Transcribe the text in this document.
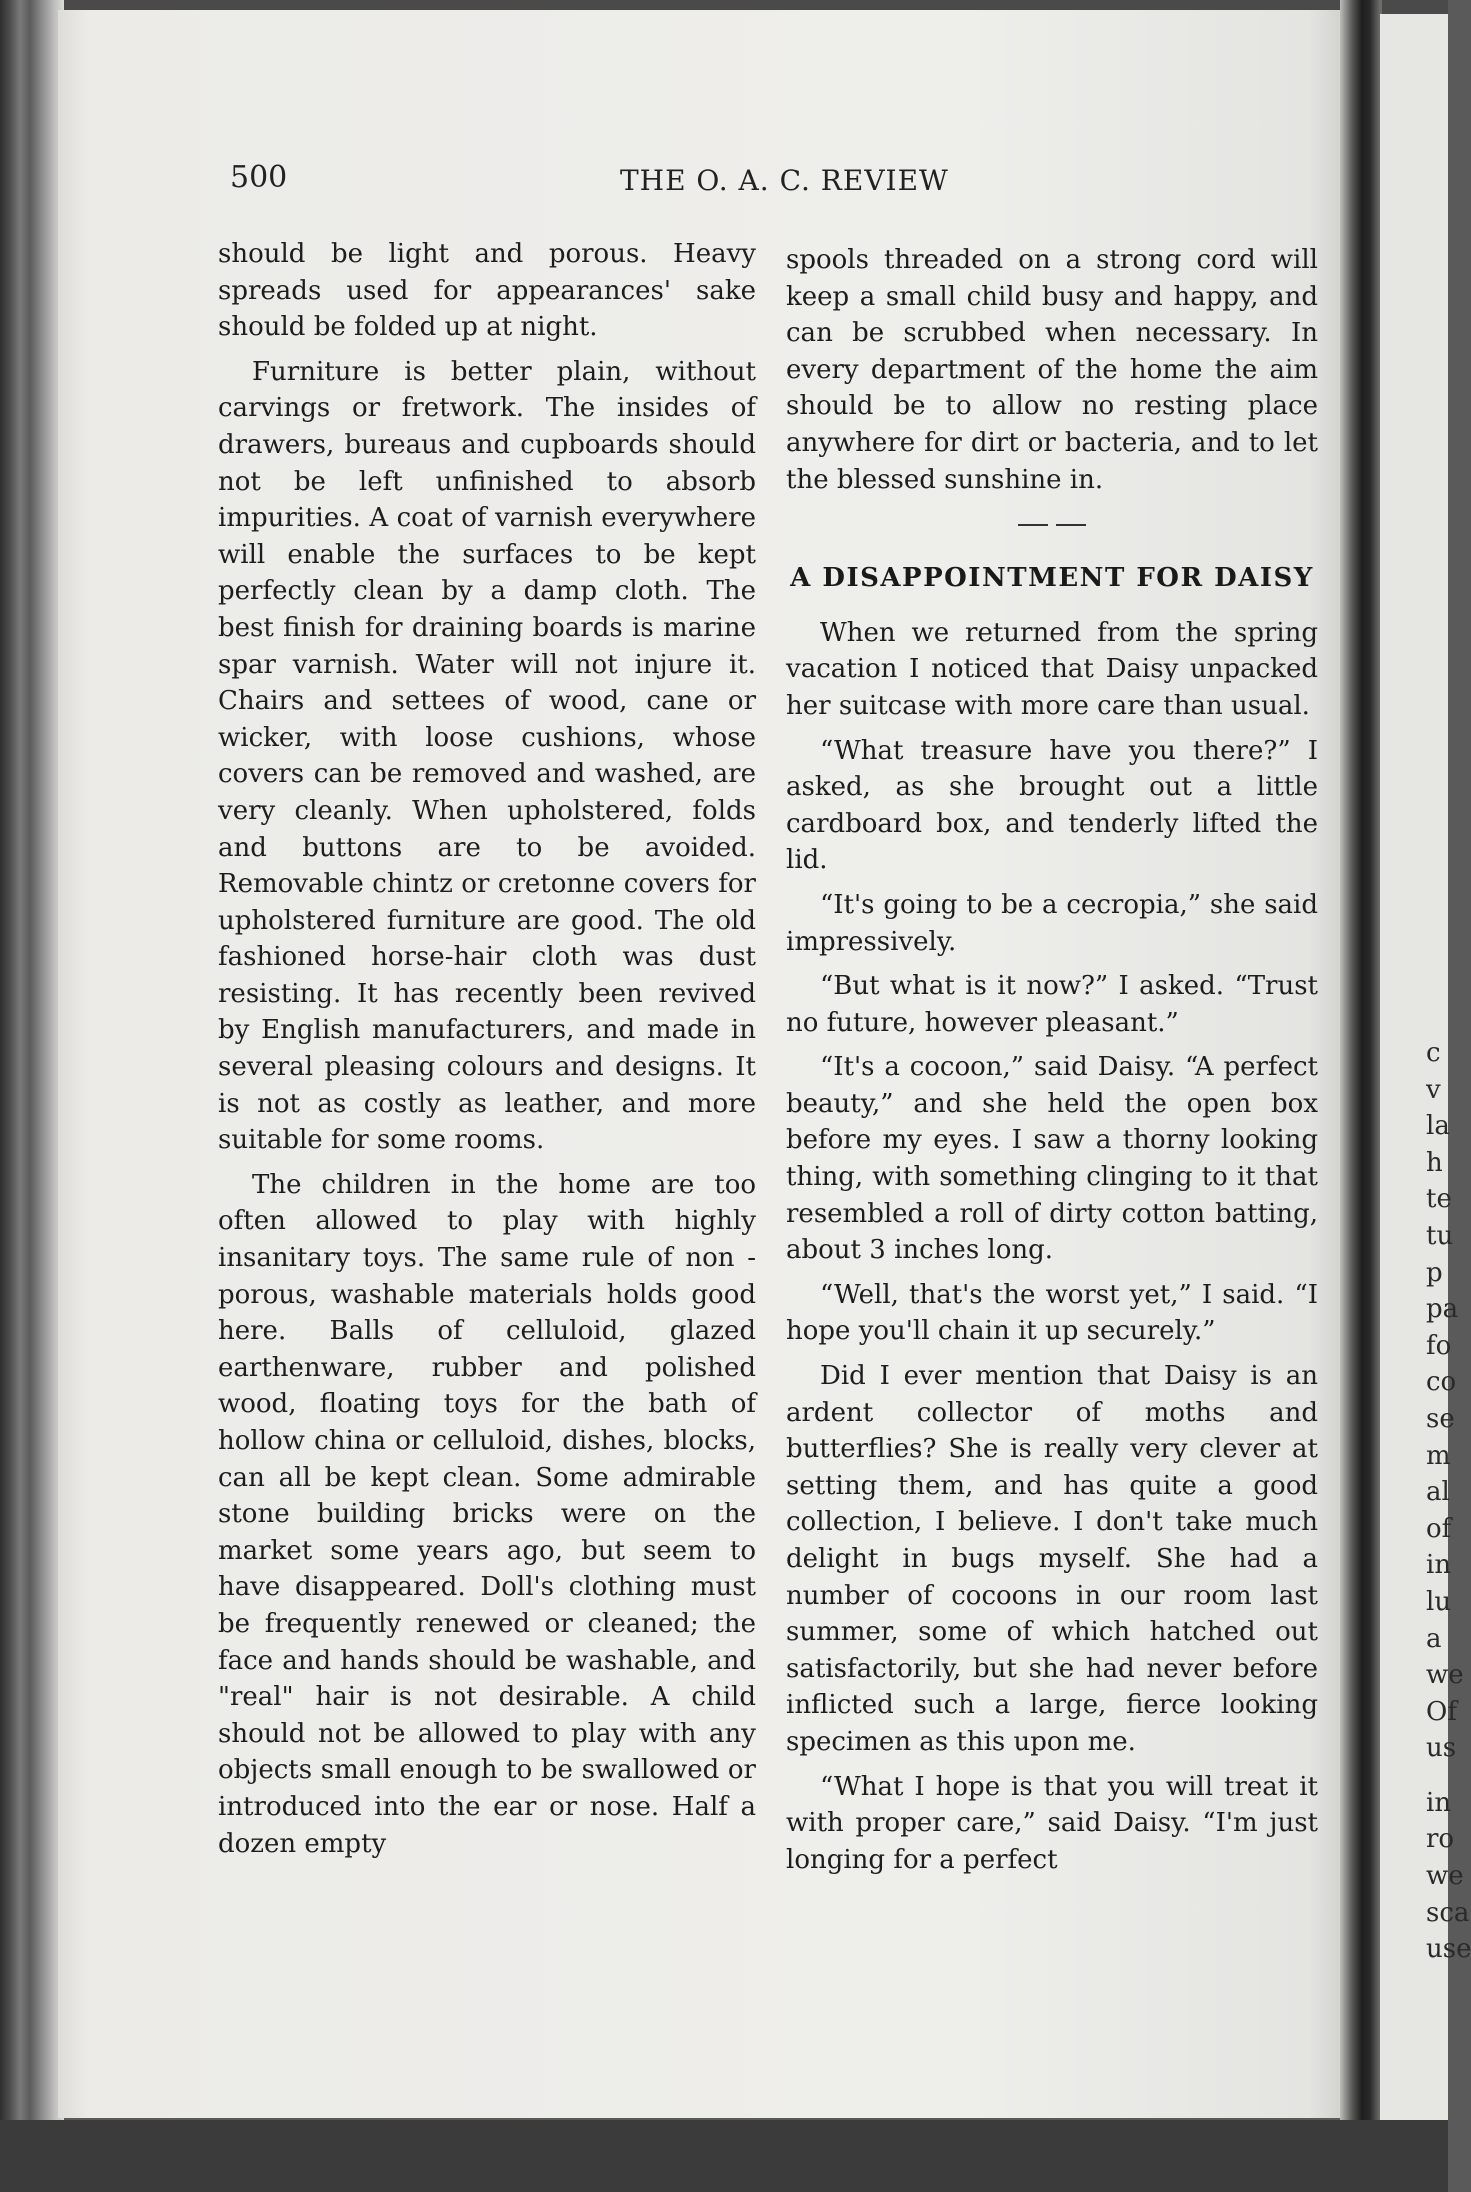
500	THE O. A. C. REVIEW

should be light and porous. Heavy spreads used for appearances' sake should be folded up at night.

Furniture is better plain, without carvings or fretwork. The insides of drawers, bureaus and cupboards should not be left unfinished to absorb impurities. A coat of varnish everywhere will enable the surfaces to be kept perfectly clean by a damp cloth. The best finish for draining boards is marine spar varnish. Water will not injure it. Chairs and settees of wood, cane or wicker, with loose cushions, whose covers can be removed and washed, are very cleanly. When upholstered, folds and buttons are to be avoided. Removable chintz or cretonne covers for upholstered furniture are good. The old fashioned horse-hair cloth was dust resisting. It has recently been revived by English manufacturers, and made in several pleasing colours and designs. It is not as costly as leather, and more suitable for some rooms.

The children in the home are too often allowed to play with highly insanitary toys. The same rule of non - porous, washable materials holds good here. Balls of celluloid, glazed earthenware, rubber and polished wood, floating toys for the bath of hollow china or celluloid, dishes, blocks, can all be kept clean. Some admirable stone building bricks were on the market some years ago, but seem to have disappeared. Doll's clothing must be frequently renewed or cleaned; the face and hands should be washable, and "real" hair is not desirable. A child should not be allowed to play with any objects small enough to be swallowed or introduced into the ear or nose. Half a dozen empty

spools threaded on a strong cord will keep a small child busy and happy, and can be scrubbed when necessary. In every department of the home the aim should be to allow no resting place anywhere for dirt or bacteria, and to let the blessed sunshine in.

A DISAPPOINTMENT FOR DAISY

When we returned from the spring vacation I noticed that Daisy unpacked her suitcase with more care than usual.

“What treasure have you there?” I asked, as she brought out a little cardboard box, and tenderly lifted the lid.

“It's going to be a cecropia,” she said impressively.

“But what is it now?” I asked. “Trust no future, however pleasant.”

“It's a cocoon,” said Daisy. “A perfect beauty,” and she held the open box before my eyes. I saw a thorny looking thing, with something clinging to it that resembled a roll of dirty cotton batting, about 3 inches long.

“Well, that's the worst yet,” I said. “I hope you'll chain it up securely.”

Did I ever mention that Daisy is an ardent collector of moths and butterflies? She is really very clever at setting them, and has quite a good collection, I believe. I don't take much delight in bugs myself. She had a number of cocoons in our room last summer, some of which hatched out satisfactorily, but she had never before inflicted such a large, fierce looking specimen as this upon me.

“What I hope is that you will treat it with proper care,” said Daisy. “I'm just longing for a perfect

c
v
la
h
te
tu
p
pa
fo
co
se
m
al
of
in
lu
a
we
Of
us
in
ro
we
sca
use
